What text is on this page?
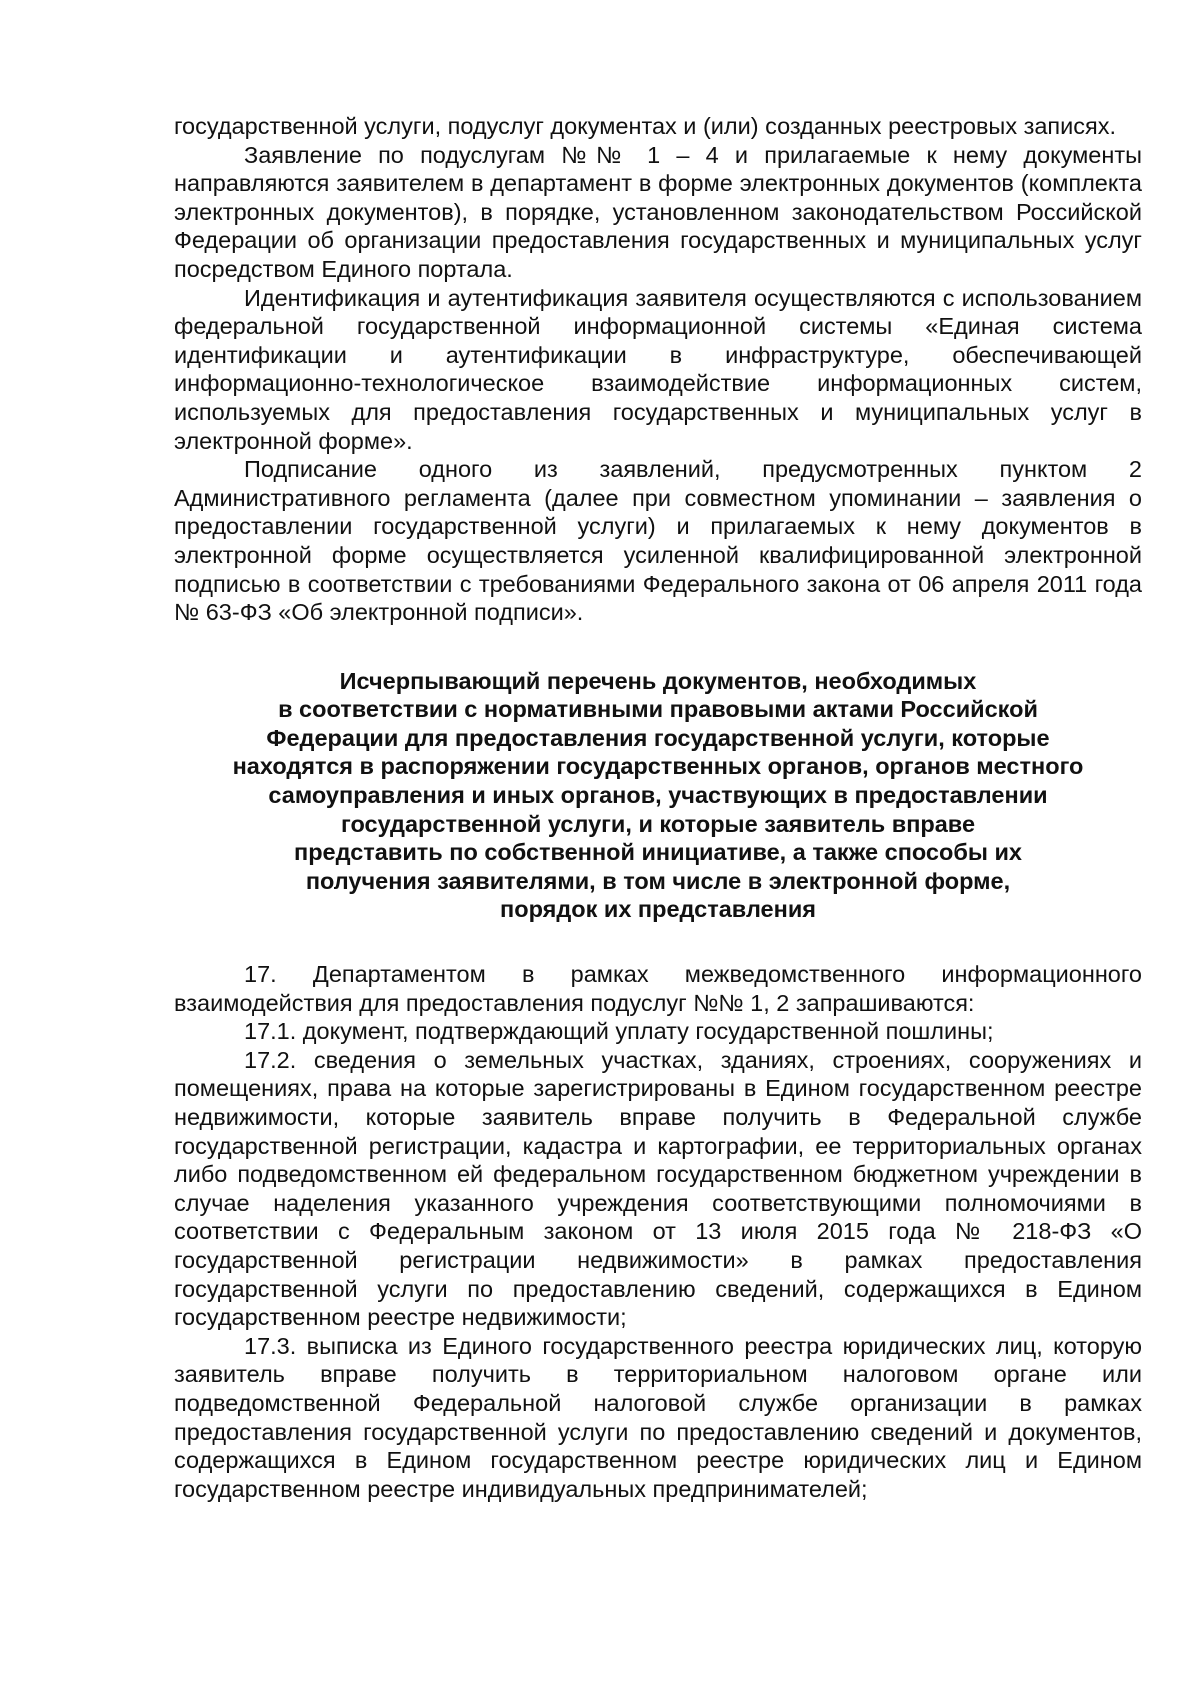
государственной услуги, подуслуг документах и (или) созданных реестровых записях.

Заявление по подуслугам №№ 1 – 4 и прилагаемые к нему документы направляются заявителем в департамент в форме электронных документов (комплекта электронных документов), в порядке, установленном законодательством Российской Федерации об организации предоставления государственных и муниципальных услуг посредством Единого портала.

Идентификация и аутентификация заявителя осуществляются с использованием федеральной государственной информационной системы «Единая система идентификации и аутентификации в инфраструктуре, обеспечивающей информационно-технологическое взаимодействие информационных систем, используемых для предоставления государственных и муниципальных услуг в электронной форме».

Подписание одного из заявлений, предусмотренных пунктом 2 Административного регламента (далее при совместном упоминании – заявления о предоставлении государственной услуги) и прилагаемых к нему документов в электронной форме осуществляется усиленной квалифицированной электронной подписью в соответствии с требованиями Федерального закона от 06 апреля 2011 года № 63-ФЗ «Об электронной подписи».

Исчерпывающий перечень документов, необходимых
в соответствии с нормативными правовыми актами Российской
Федерации для предоставления государственной услуги, которые
находятся в распоряжении государственных органов, органов местного
самоуправления и иных органов, участвующих в предоставлении
государственной услуги, и которые заявитель вправе
представить по собственной инициативе, а также способы их
получения заявителями, в том числе в электронной форме,
порядок их представления

17. Департаментом в рамках межведомственного информационного взаимодействия для предоставления подуслуг №№ 1, 2 запрашиваются:

17.1. документ, подтверждающий уплату государственной пошлины;

17.2. сведения о земельных участках, зданиях, строениях, сооружениях и помещениях, права на которые зарегистрированы в Едином государственном реестре недвижимости, которые заявитель вправе получить в Федеральной службе государственной регистрации, кадастра и картографии, ее территориальных органах либо подведомственном ей федеральном государственном бюджетном учреждении в случае наделения указанного учреждения соответствующими полномочиями в соответствии с Федеральным законом от 13 июля 2015 года № 218-ФЗ «О государственной регистрации недвижимости» в рамках предоставления государственной услуги по предоставлению сведений, содержащихся в Едином государственном реестре недвижимости;

17.3. выписка из Единого государственного реестра юридических лиц, которую заявитель вправе получить в территориальном налоговом органе или подведомственной Федеральной налоговой службе организации в рамках предоставления государственной услуги по предоставлению сведений и документов, содержащихся в Едином государственном реестре юридических лиц и Едином государственном реестре индивидуальных предпринимателей;
